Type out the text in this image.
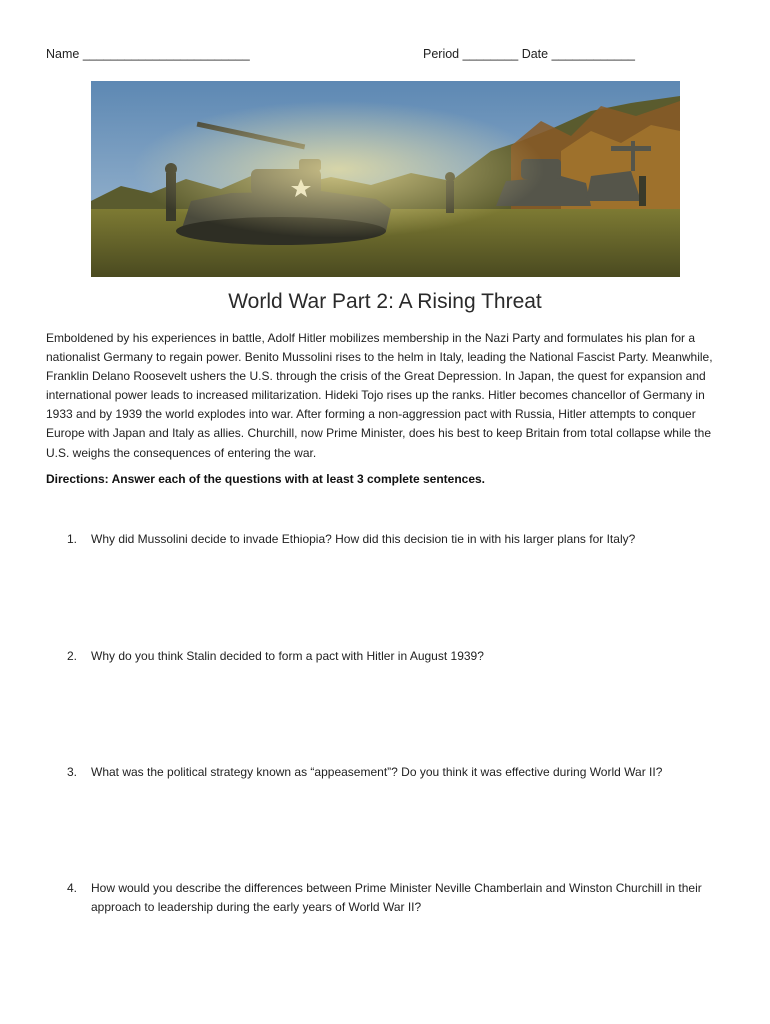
Name ________________________	Period ________ Date ____________
World War Part 2: A Rising Threat

Emboldened by his experiences in battle, Adolf Hitler mobilizes membership in the Nazi Party and formulates his plan for a nationalist Germany to regain power. Benito Mussolini rises to the helm in Italy, leading the National Fascist Party. Meanwhile, Franklin Delano Roosevelt ushers the U.S. through the crisis of the Great Depression. In Japan, the quest for expansion and international power leads to increased militarization. Hideki Tojo rises up the ranks. Hitler becomes chancellor of Germany in 1933 and by 1939 the world explodes into war. After forming a non-aggression pact with Russia, Hitler attempts to conquer Europe with Japan and Italy as allies. Churchill, now Prime Minister, does his best to keep Britain from total collapse while the U.S. weighs the consequences of entering the war.

Directions: Answer each of the questions with at least 3 complete sentences.

1.	Why did Mussolini decide to invade Ethiopia? How did this decision tie in with his larger plans for Italy?
2.	Why do you think Stalin decided to form a pact with Hitler in August 1939?
3.	What was the political strategy known as “appeasement”? Do you think it was effective during World War II?
4.	How would you describe the differences between Prime Minister Neville Chamberlain and Winston Churchill in their approach to leadership during the early years of World War II?
